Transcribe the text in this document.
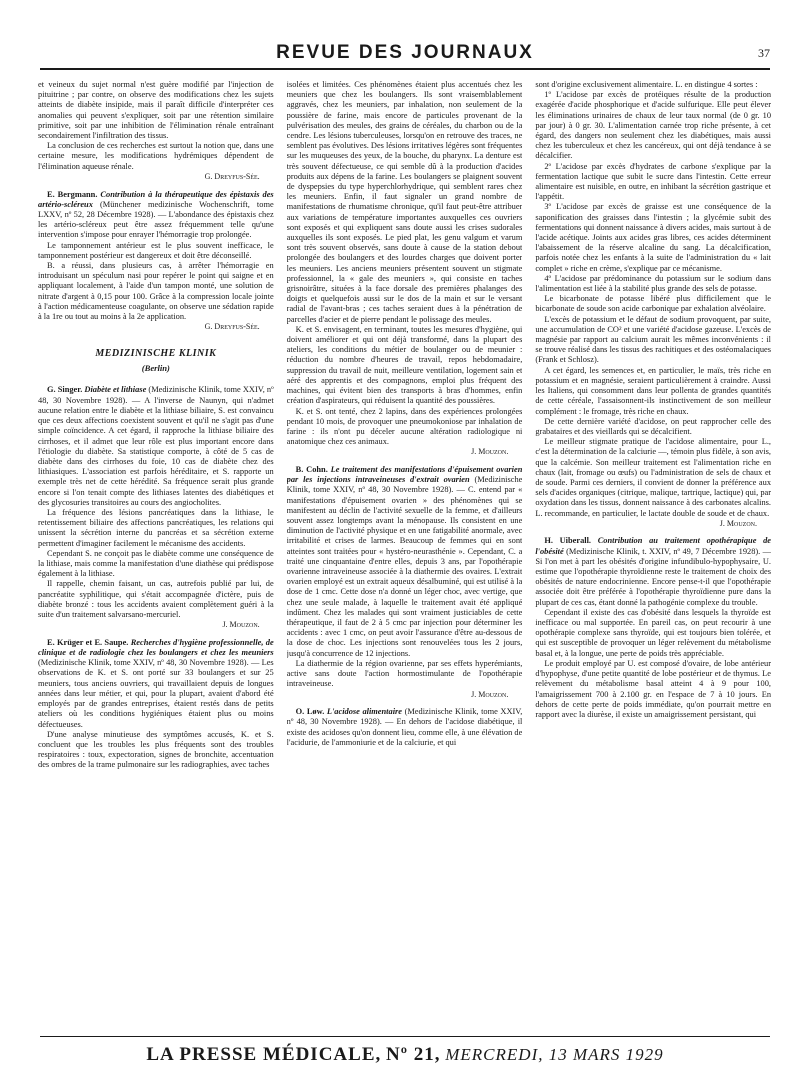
REVUE DES JOURNAUX	37

et veineux du sujet normal n'est guère modifié par l'injection de pituitrine ; par contre, on observe des modifications chez les sujets atteints de diabète insipide, mais il paraît difficile d'interpréter ces anomalies qui peuvent s'expliquer, soit par une rétention similaire primitive, soit par une inhibition de l'élimination rénale entraînant secondairement l'infiltration des tissus.

La conclusion de ces recherches est surtout la notion que, dans une certaine mesure, les modifications hydrémiques dépendent de l'élimination aqueuse rénale.

G. Dreyfus-Sée.

E. Bergmann. Contribution à la thérapeutique des épistaxis des artério-scléreux (Münchener medizinische Wochenschrift, tome LXXV, nº 52, 28 Décembre 1928). — L'abondance des épistaxis chez les artério-scléreux peut être assez fréquemment telle qu'une intervention s'impose pour enrayer l'hémorragie trop prolongée.

Le tamponnement antérieur est le plus souvent inefficace, le tamponnement postérieur est dangereux et doit être déconseillé.

B. a réussi, dans plusieurs cas, à arrêter l'hémorragie en introduisant un spéculum nasi pour repérer le point qui saigne et en appliquant localement, à l'aide d'un tampon monté, une solution de nitrate d'argent à 0,15 pour 100. Grâce à la compression locale jointe à l'action médicamenteuse coagulante, on observe une sédation rapide à la 1re ou tout au moins à la 2e application.

G. Dreyfus-Sée.

MEDIZINISCHE KLINIK
(Berlin)

G. Singer. Diabète et lithiase (Medizinische Klinik, tome XXIV, nº 48, 30 Novembre 1928). — A l'inverse de Naunyn, qui n'admet aucune relation entre le diabète et la lithiase biliaire, S. est convaincu que ces deux affections coexistent souvent et qu'il ne s'agit pas d'une simple coïncidence. A cet égard, il rapproche la lithiase biliaire des cirrhoses, et il admet que leur rôle est plus important encore dans l'étiologie du diabète. Sa statistique comporte, à côté de 5 cas de diabète dans des cirrhoses du foie, 10 cas de diabète chez des lithiasiques. L'association est parfois héréditaire, et S. rapporte un exemple très net de cette hérédité. Sa fréquence serait plus grande encore si l'on tenait compte des lithiases latentes des diabétiques et des glycosuries transitoires au cours des angiocholites.

La fréquence des lésions pancréatiques dans la lithiase, le retentissement biliaire des affections pancréatiques, les relations qui unissent la sécrétion interne du pancréas et sa sécrétion externe permettent d'imaginer facilement le mécanisme des accidents.

Cependant S. ne conçoit pas le diabète comme une conséquence de la lithiase, mais comme la manifestation d'une diathèse qui prédispose également à la lithiase.

Il rappelle, chemin faisant, un cas, autrefois publié par lui, de pancréatite syphilitique, qui s'était accompagnée d'ictère, puis de diabète bronzé : tous les accidents avaient complètement guéri à la suite d'un traitement salvarsano-mercuriel.

J. Mouzon.

E. Krüger et E. Saupe. Recherches d'hygiène professionnelle, de clinique et de radiologie chez les boulangers et chez les meuniers (Medizinische Klinik, tome XXIV, nº 48, 30 Novembre 1928). — Les observations de K. et S. ont porté sur 33 boulangers et sur 25 meuniers, tous anciens ouvriers, qui travaillaient depuis de longues années dans leur métier, et qui, pour la plupart, avaient d'abord été employés par de grandes entreprises, étaient restés dans de petits ateliers où les conditions hygiéniques étaient plus ou moins défectueuses.

D'une analyse minutieuse des symptômes accusés, K. et S. concluent que les troubles les plus fréquents sont des troubles respiratoires : toux, expectoration, signes de bronchite, accentuation des ombres de la trame pulmonaire sur les radiographies, avec taches

isolées et limitées. Ces phénomènes étaient plus accentués chez les meuniers que chez les boulangers. Ils sont vraisemblablement aggravés, chez les meuniers, par inhalation, non seulement de la poussière de farine, mais encore de particules provenant de la pulvérisation des meules, des grains de céréales, du charbon ou de la cendre. Les lésions tuberculeuses, lorsqu'on en retrouve des traces, ne semblent pas évolutives. Des lésions irritatives légères sont fréquentes sur les muqueuses des yeux, de la bouche, du pharynx. La denture est très souvent défectueuse, ce qui semble dû à la production d'acides produits aux dépens de la farine. Les boulangers se plaignent souvent de dyspepsies du type hyperchlorhydrique, qui semblent rares chez les meuniers. Enfin, il faut signaler un grand nombre de manifestations de rhumatisme chronique, qu'il faut peut-être attribuer aux variations de température importantes auxquelles ces ouvriers sont exposés et qui expliquent sans doute aussi les crises sudorales auxquelles ils sont exposés. Le pied plat, les genu valgum et varum sont très souvent observés, sans doute à cause de la station debout prolongée des boulangers et des lourdes charges que doivent porter les meuniers. Les anciens meuniers présentent souvent un stigmate professionnel, la « gale des meuniers », qui consiste en taches grisnoirâtre, situées à la face dorsale des premières phalanges des doigts et quelquefois aussi sur le dos de la main et sur le versant radial de l'avant-bras ; ces taches seraient dues à la pénétration de parcelles d'acier et de pierre pendant le polissage des meules.

K. et S. envisagent, en terminant, toutes les mesures d'hygiène, qui doivent améliorer et qui ont déjà transformé, dans la plupart des ateliers, les conditions du métier de boulanger ou de meunier : réduction du nombre d'heures de travail, repos hebdomadaire, suppression du travail de nuit, meilleure ventilation, logement sain et aéré des apprentis et des compagnons, emploi plus fréquent des machines, qui évitent bien des transports à bras d'hommes, enfin création d'aspirateurs, qui réduisent la quantité des poussières.

K. et S. ont tenté, chez 2 lapins, dans des expériences prolongées pendant 10 mois, de provoquer une pneumokoniose par inhalation de farine : ils n'ont pu déceler aucune altération radiologique ni anatomique chez ces animaux.

J. Mouzon.

B. Cohn. Le traitement des manifestations d'épuisement ovarien par les injections intraveineuses d'extrait ovarien (Medizinische Klinik, tome XXIV, nº 48, 30 Novembre 1928). — C. entend par « manifestations d'épuisement ovarien » des phénomènes qui se manifestent au déclin de l'activité sexuelle de la femme, et d'ailleurs souvent assez longtemps avant la ménopause. Ils consistent en une diminution de l'activité physique et en une fatigabilité anormale, avec irritabilité et crises de larmes. Beaucoup de femmes qui en sont atteintes sont traitées pour « hystéro-neurasthénie ». Cependant, C. a traité une cinquantaine d'entre elles, depuis 3 ans, par l'opothérapie ovarienne intraveineuse associée à la diathermie des ovaires. L'extrait ovarien employé est un extrait aqueux désalbuminé, qui est utilisé à la dose de 1 cmc. Cette dose n'a donné un léger choc, avec vertige, que chez une seule malade, à laquelle le traitement avait été appliqué indûment. Chez les malades qui sont vraiment justiciables de cette thérapeutique, il faut de 2 à 5 cmc par injection pour déterminer les accidents : avec 1 cmc, on peut avoir l'assurance d'être au-dessous de la dose de choc. Les injections sont renouvelées tous les 2 jours, jusqu'à concurrence de 12 injections.

La diathermie de la région ovarienne, par ses effets hyperémiants, active sans doute l'action hormostimulante de l'opothérapie intraveineuse.

J. Mouzon.

O. Løw. L'acidose alimentaire (Medizinische Klinik, tome XXIV, nº 48, 30 Novembre 1928). — En dehors de l'acidose diabétique, il existe des acidoses qu'on donnent lieu, comme elle, à une élévation de l'acidurie, de l'ammoniurie et de la calciurie, et qui

sont d'origine exclusivement alimentaire. L. en distingue 4 sortes :

1º L'acidose par excès de protéiques résulte de la production exagérée d'acide phosphorique et d'acide sulfurique. Elle peut élever les éliminations urinaires de chaux de leur taux normal (de 0 gr. 10 par jour) à 0 gr. 30. L'alimentation carnée trop riche présente, à cet égard, des dangers non seulement chez les diabétiques, mais aussi chez les tuberculeux et chez les cancéreux, qui ont déjà tendance à se décalcifier.

2º L'acidose par excès d'hydrates de carbone s'explique par la fermentation lactique que subit le sucre dans l'intestin. Cette erreur alimentaire est nuisible, en outre, en inhibant la sécrétion gastrique et l'appétit.

3º L'acidose par excès de graisse est une conséquence de la saponification des graisses dans l'intestin ; la glycémie subit des fermentations qui donnent naissance à divers acides, mais surtout à de l'acide acétique. Joints aux acides gras libres, ces acides déterminent l'abaissement de la réserve alcaline du sang. La décalcification, parfois notée chez les enfants à la suite de l'administration du « lait complet » riche en crème, s'explique par ce mécanisme.

4º L'acidose par prédominance du potassium sur le sodium dans l'alimentation est liée à la stabilité plus grande des sels de potasse.

Le bicarbonate de potasse libéré plus difficilement que le bicarbonate de soude son acide carbonique par exhalation alvéolaire.

L'excès de potassium et le défaut de sodium provoquent, par suite, une accumulation de CO² et une variété d'acidose gazeuse. L'excès de magnésie par rapport au calcium aurait les mêmes inconvénients : il se trouve réalisé dans les tissus des rachitiques et des ostéomalaciques (Frank et Schlosz).

A cet égard, les semences et, en particulier, le maïs, très riche en potassium et en magnésie, seraient particulièrement à craindre. Aussi les Italiens, qui consomment dans leur pollenta de grandes quantités de cette céréale, l'assaisonnent-ils instinctivement de son meilleur complément : le fromage, très riche en chaux.

De cette dernière variété d'acidose, on peut rapprocher celle des grabataires et des vieillards qui se décalcifient.

Le meilleur stigmate pratique de l'acidose alimentaire, pour L., c'est la détermination de la calciurie —, témoin plus fidèle, à son avis, que la calcémie. Son meilleur traitement est l'alimentation riche en chaux (lait, fromage ou œufs) ou l'administration de sels de chaux et de soude. Parmi ces derniers, il convient de donner la préférence aux sels d'acides organiques (citrique, malique, tartrique, lactique) qui, par oxydation dans les tissus, donnent naissance à des carbonates alcalins. L. recommande, en particulier, le lactate double de soude et de chaux.

J. Mouzon.

H. Uiberall. Contribution au traitement opothérapique de l'obésité (Medizinische Klinik, t. XXIV, nº 49, 7 Décembre 1928). — Si l'on met à part les obésités d'origine infundibulo-hypophysaire, U. estime que l'opothérapie thyroïdienne reste le traitement de choix des obésités de nature endocrinienne. Encore pense-t-il que l'opothérapie associée doit être préférée à l'opothérapie thyroïdienne pure dans la plupart de ces cas, étant donné la pathogénie complexe du trouble.

Cependant il existe des cas d'obésité dans lesquels la thyroïde est inefficace ou mal supportée. En pareil cas, on peut recourir à une opothérapie complexe sans thyroïde, qui est toujours bien tolérée, et qui est susceptible de provoquer un léger relèvement du métabolisme basal et, à la longue, une perte de poids très appréciable.

Le produit employé par U. est composé d'ovaire, de lobe antérieur d'hypophyse, d'une petite quantité de lobe postérieur et de thymus. Le relèvement du métabolisme basal atteint 4 à 9 pour 100, l'amaigrissement 700 à 2.100 gr. en l'espace de 7 à 10 jours. En dehors de cette perte de poids immédiate, qu'on pourrait mettre en rapport avec la diurèse, il existe un amaigrissement persistant, qui

LA PRESSE MÉDICALE, Nº 21, MERCREDI, 13 MARS 1929
